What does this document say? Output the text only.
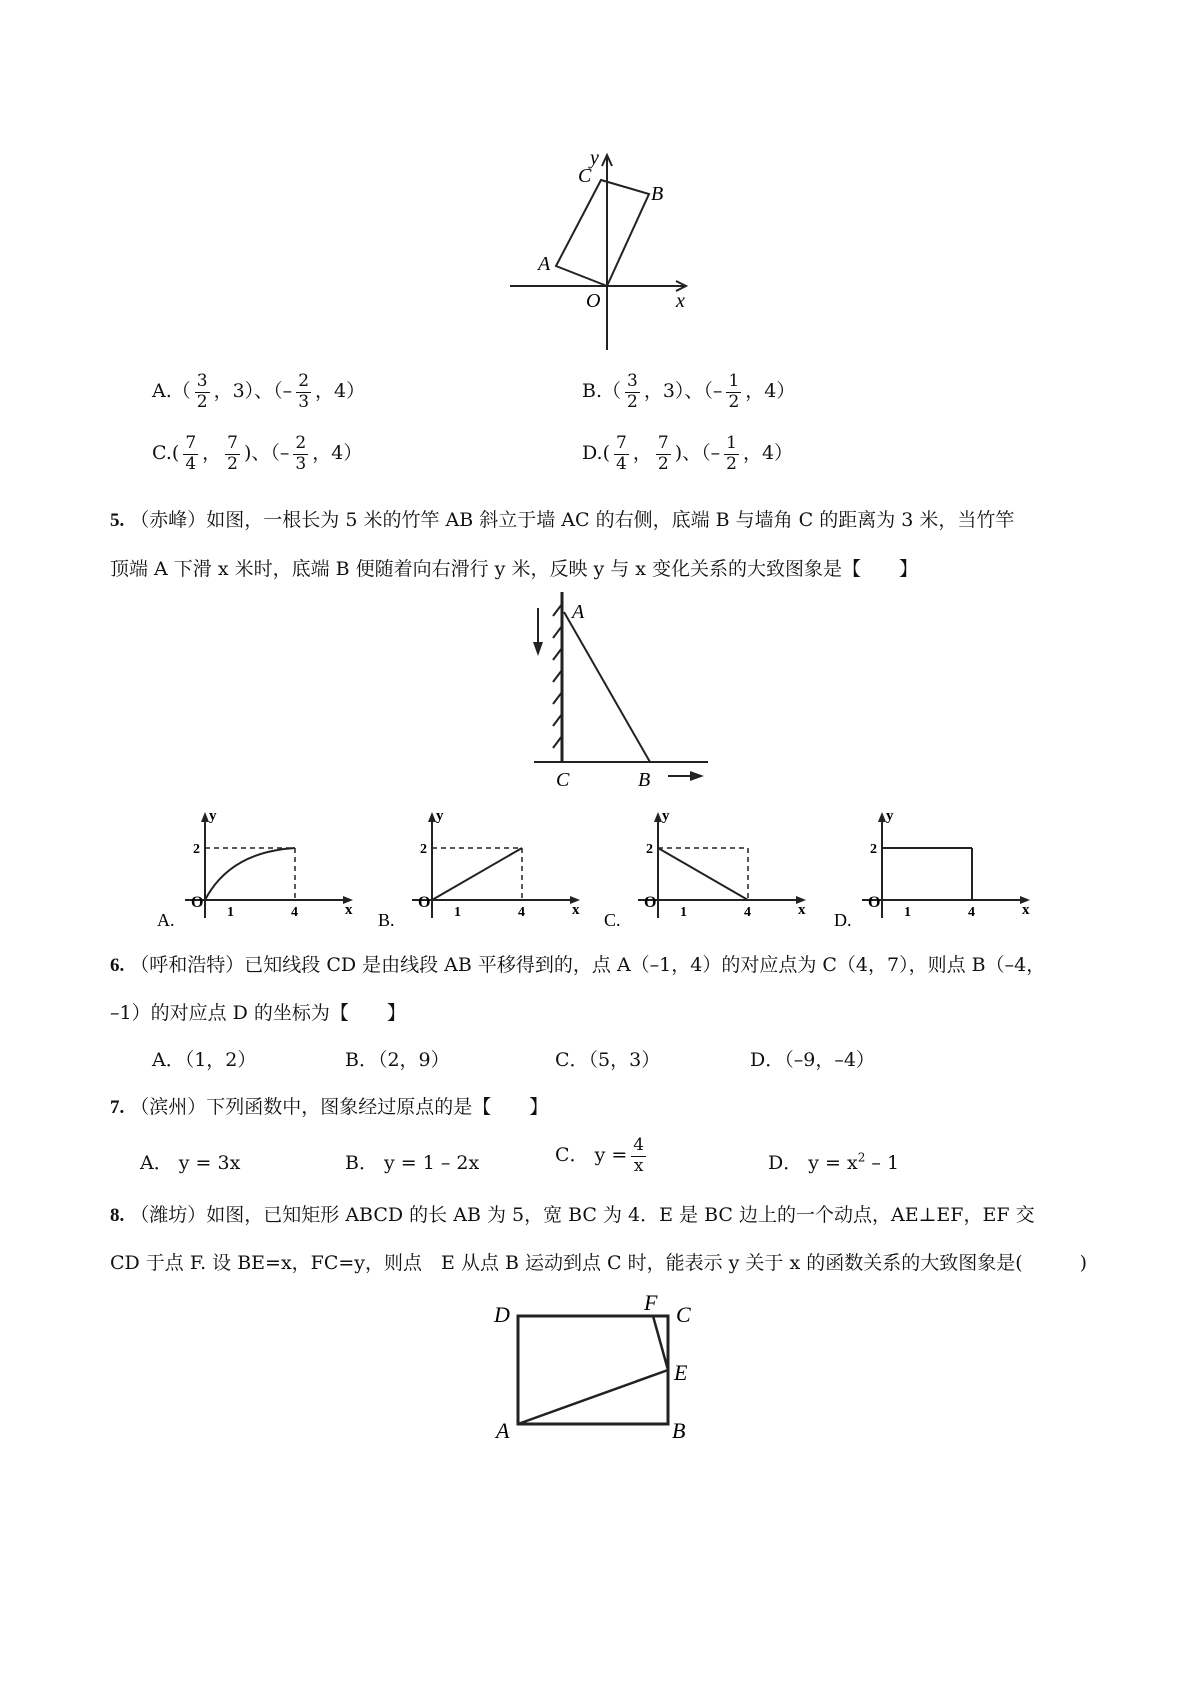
y
x
O
A
C
B
$A.( \frac{3}{2}$ ，3）、（– $\frac{2}{3}$ ，4）	$B.( \frac{3}{2}$ ，3）、（– $\frac{1}{2}$ ，4）
$C.( \frac{7}{4}$ ， $\frac{7}{2}$ )、（– $\frac{2}{3}$ ，4）	$D.( \frac{7}{4}$ ， $\frac{7}{2}$ )、（– $\frac{1}{2}$ ，4）
5. （赤峰）如图，一根长为 5 米的竹竿 AB 斜立于墙 AC 的右侧，底端 B 与墙角 C 的距离为 3 米，当竹竿
顶端 A 下滑 x 米时，底端 B 便随着向右滑行 y 米，反映 y 与 x 变化关系的大致图象是【　　】
A
C	B
2
1	4
O	x
y
A.
2
1	4
O	x
y
B.
2
1	4
O	x
y
C.
2
1	4
O	x
y
D.
6. （呼和浩特）已知线段 CD 是由线段 AB 平移得到的，点 A（–1，4）的对应点为 C（4，7），则点 B（–4，
–1）的对应点 D 的坐标为【　　】
A．（1，2）	B．（2，9）	C．（5，3）	D．（–9，–4）
7. （滨州）下列函数中，图象经过原点的是【　　】
A． y = 3x	B． y = 1 – 2x	C． $y = \frac{4}{x}$	D． $y = x^2 - 1$
8. （潍坊）如图，已知矩形 ABCD 的长 AB 为 5，宽 BC 为 4．E 是 BC 边上的一个动点，AE⊥EF，EF 交
CD 于点 F. 设 BE=x，FC=y，则点　E 从点 B 运动到点 C 时，能表示 y 关于 x 的函数关系的大致图象是(　　　)
D	F C
E
A	B
